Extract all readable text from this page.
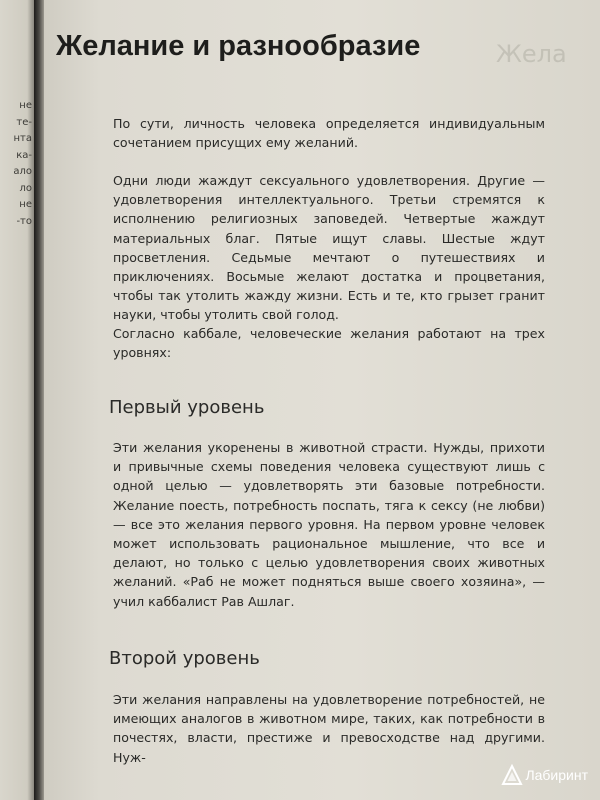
не
те-
нта
ка-
ало
ло
не
-то
Жела
Желание и разнообразие

По сути, личность человека определяется индивидуальным сочетанием присущих ему желаний.

Одни люди жаждут сексуального удовлетворения. Другие — удовлетворения интеллектуального. Третьи стремятся к исполнению религиозных заповедей. Четвертые жаждут материальных благ. Пятые ищут славы. Шестые ждут просветления. Седьмые мечтают о путешествиях и приключениях. Восьмые желают достатка и процветания, чтобы так утолить жажду жизни. Есть и те, кто грызет гранит науки, чтобы утолить свой голод.

Согласно каббале, человеческие желания работают на трех уровнях:

Первый уровень

Эти желания укоренены в животной страсти. Нужды, прихоти и привычные схемы поведения человека существуют лишь с одной целью — удовлетворять эти базовые потребности. Желание поесть, потребность поспать, тяга к сексу (не любви) — все это желания первого уровня. На первом уровне человек может использовать рациональное мышление, что все и делают, но только с целью удовлетворения своих животных желаний. «Раб не может подняться выше своего хозяина», — учил каббалист Рав Ашлаг.

Второй уровень

Эти желания направлены на удовлетворение потребностей, не имеющих аналогов в животном мире, таких, как потребности в почестях, власти, престиже и превосходстве над другими. Нуж-

Лабиринт
